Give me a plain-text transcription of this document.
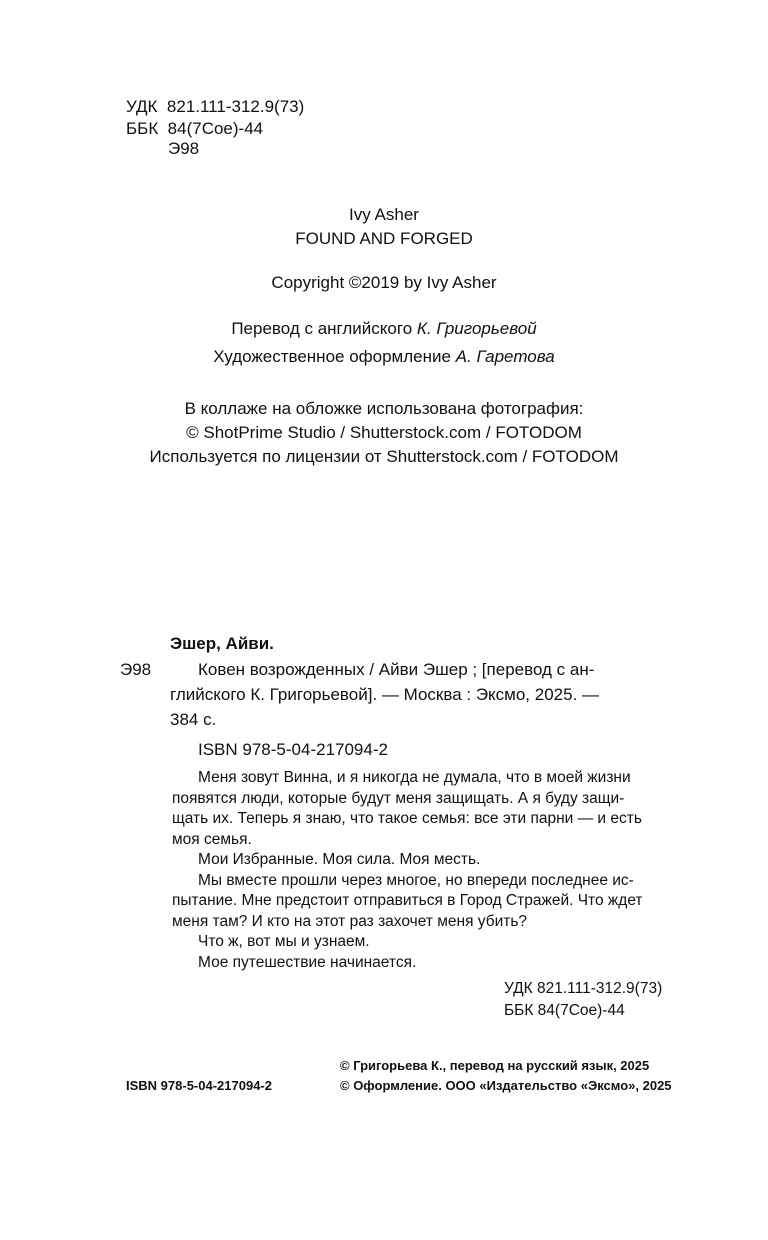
УДК 821.111-312.9(73)
ББК 84(7Сое)-44
Э98
Ivy Asher
FOUND AND FORGED
Copyright ©2019 by Ivy Asher
Перевод с английского К. Григорьевой
Художественное оформление А. Гаретова
В коллаже на обложке использована фотография:
© ShotPrime Studio / Shutterstock.com / FOTODOM
Используется по лицензии от Shutterstock.com / FOTODOM
Эшер, Айви.
Э98	Ковен возрожденных / Айви Эшер ; [перевод с ан-
глийского К. Григорьевой]. — Москва : Эксмо, 2025. —
384 с.
ISBN 978-5-04-217094-2
Меня зовут Винна, и я никогда не думала, что в моей жизни
появятся люди, которые будут меня защищать. А я буду защи-
щать их. Теперь я знаю, что такое семья: все эти парни — и есть
моя семья.
Мои Избранные. Моя сила. Моя месть.
Мы вместе прошли через многое, но впереди последнее ис-
пытание. Мне предстоит отправиться в Город Стражей. Что ждет
меня там? И кто на этот раз захочет меня убить?
Что ж, вот мы и узнаем.
Мое путешествие начинается.
УДК 821.111-312.9(73)
ББК 84(7Сое)-44
ISBN 978-5-04-217094-2
© Григорьева К., перевод на русский язык, 2025
© Оформление. ООО «Издательство «Эксмо», 2025
